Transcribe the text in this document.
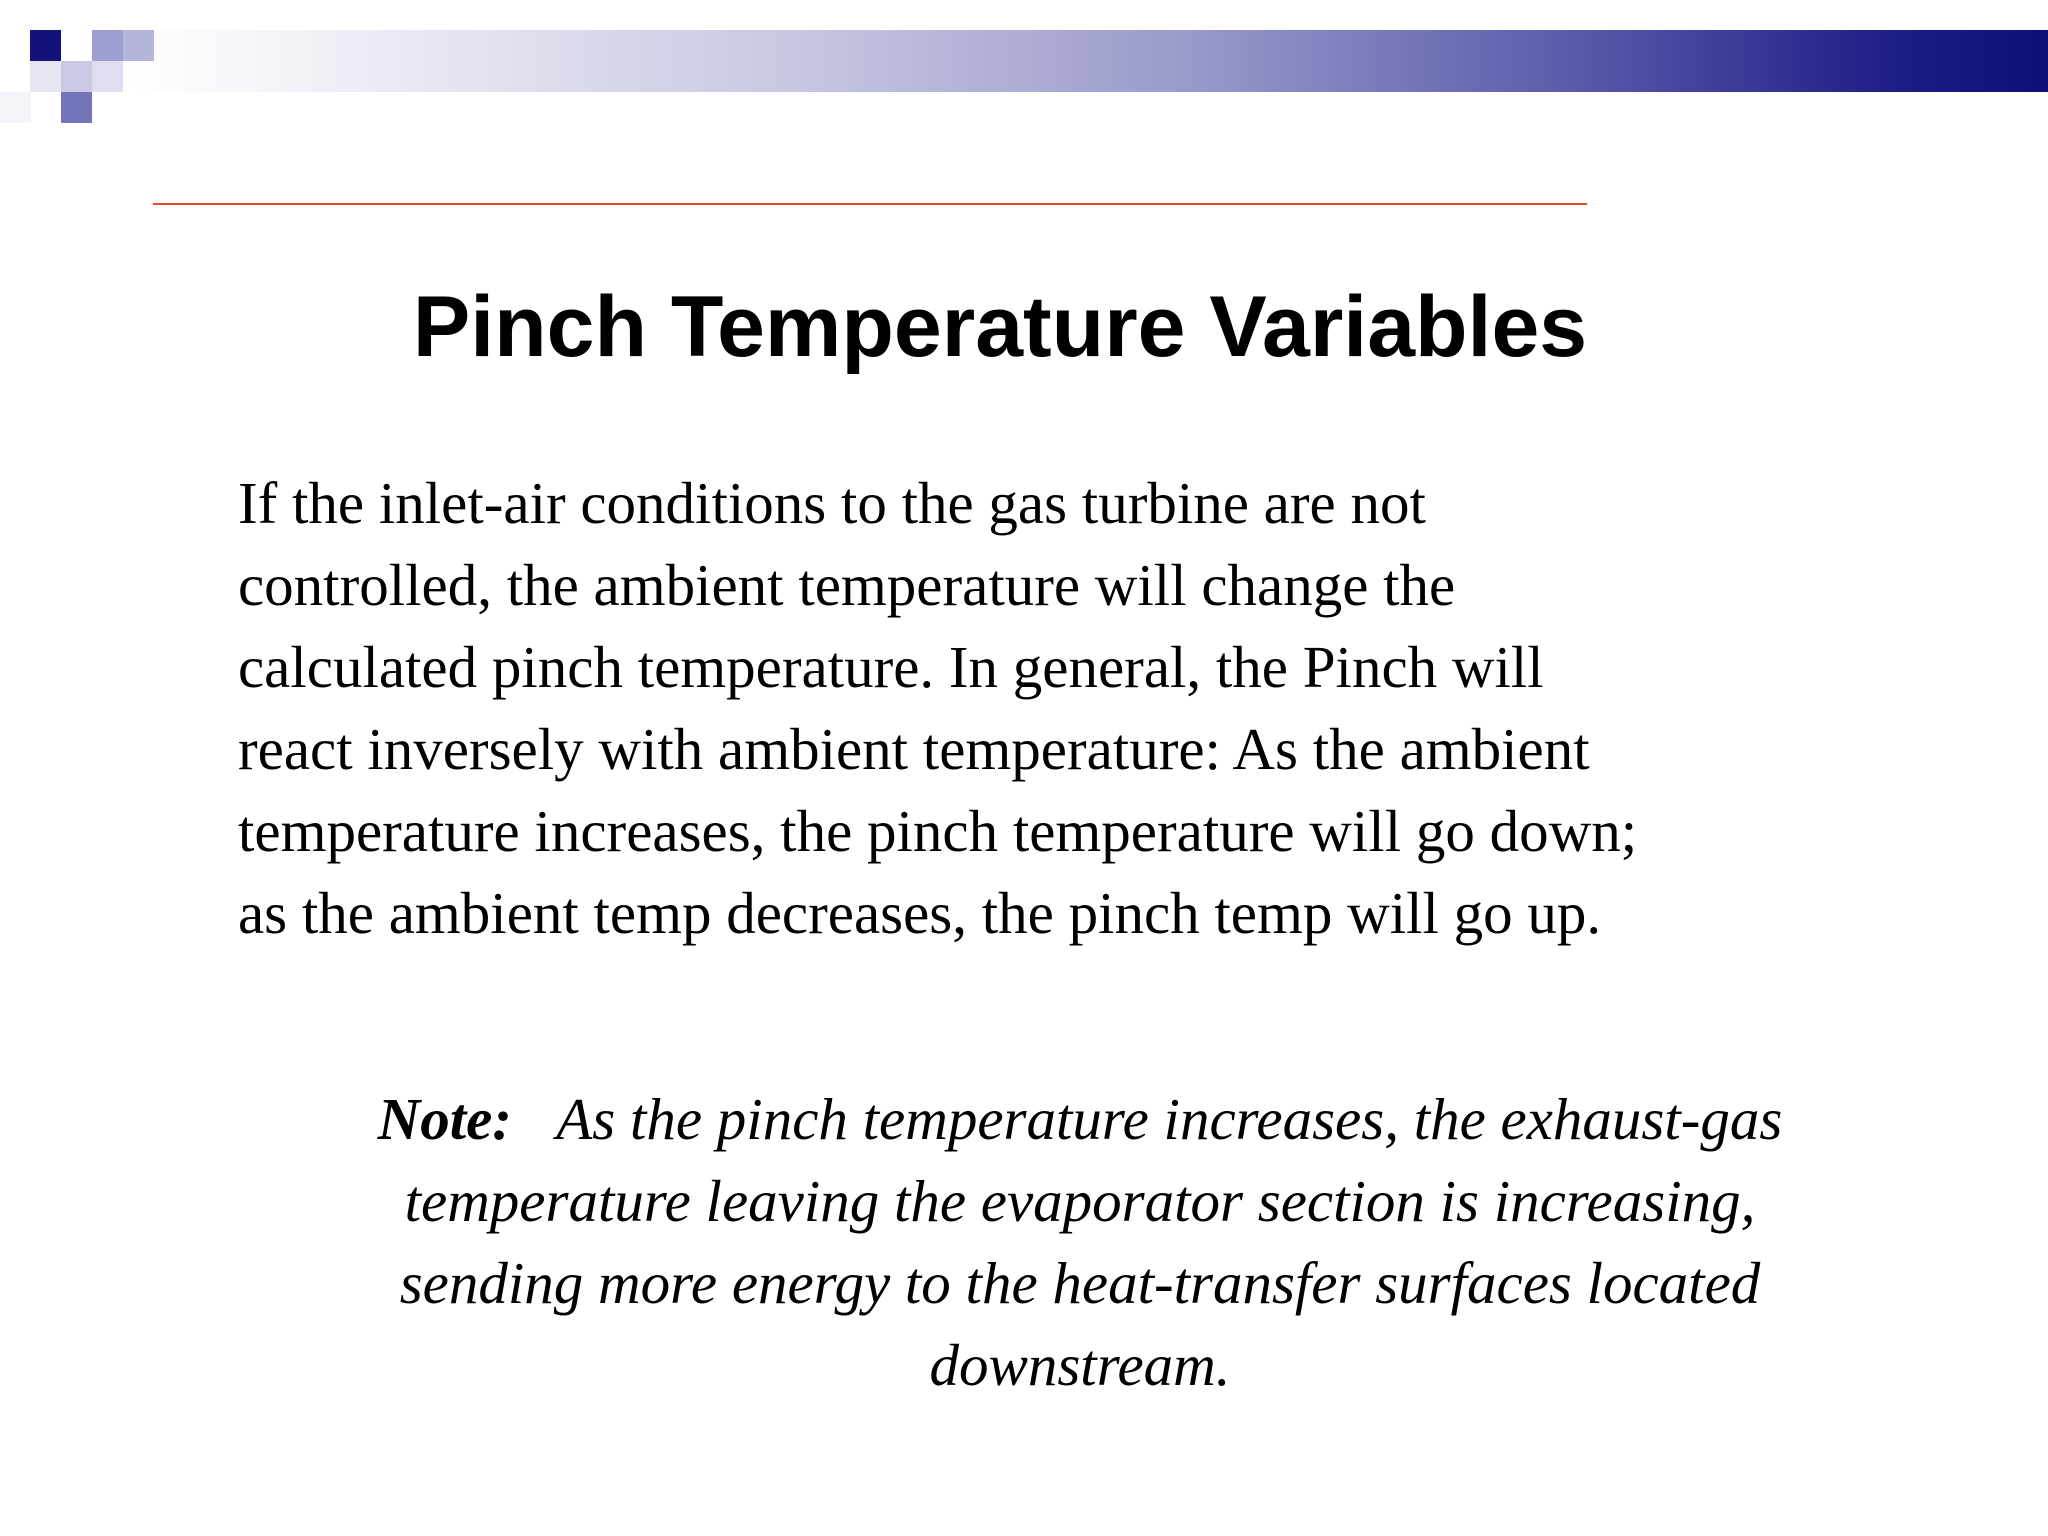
Pinch Temperature Variables
If the inlet-air conditions to the gas turbine are not
controlled, the ambient temperature will change the
calculated pinch temperature. In general, the Pinch will
react inversely with ambient temperature: As the ambient
temperature increases, the pinch temperature will go down;
as the ambient temp decreases, the pinch temp will go up.
Note: As the pinch temperature increases, the exhaust-gas
temperature leaving the evaporator section is increasing,
sending more energy to the heat-transfer surfaces located
downstream.
